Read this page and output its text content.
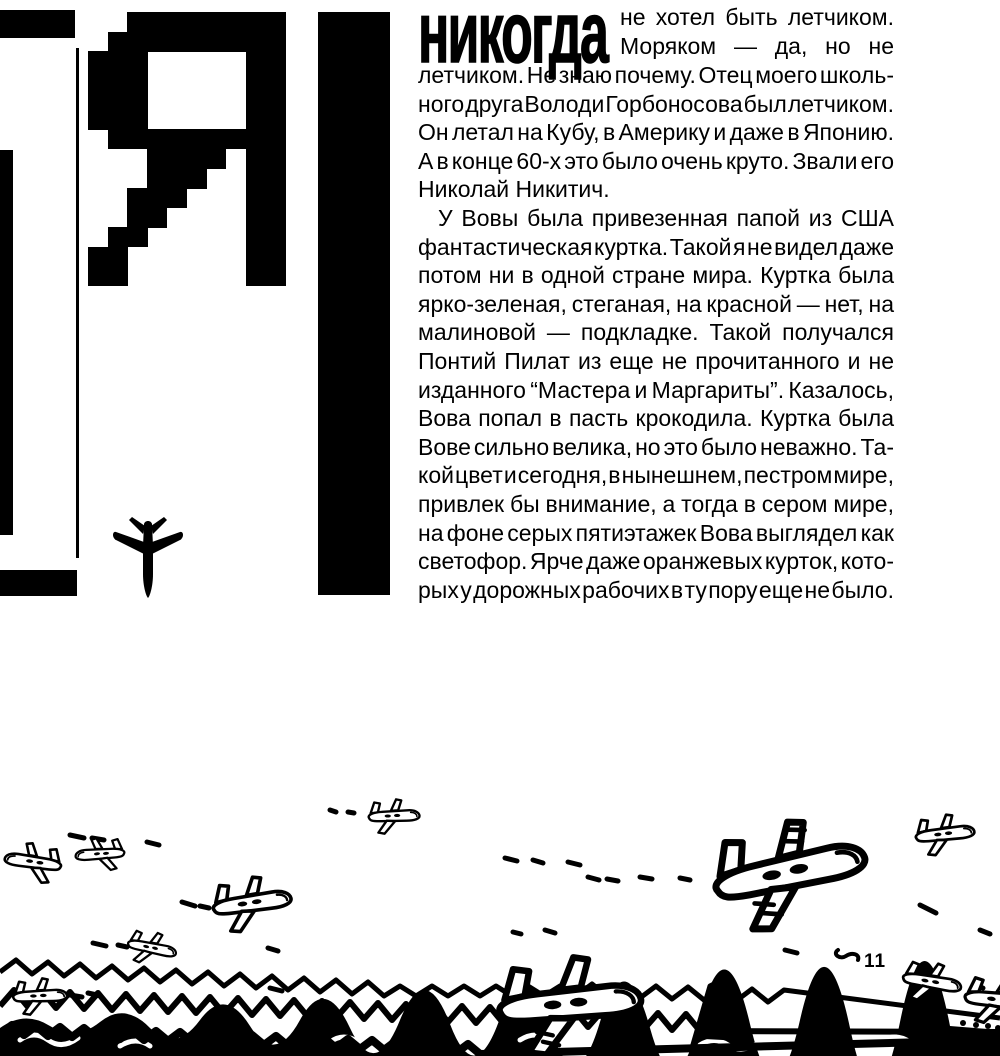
никогда не хотел быть летчиком.
Моряком — да, но не
летчиком. Не знаю почему. Отец моего школь-
ного друга Володи Горбоносова был летчиком.
Он летал на Кубу, в Америку и даже в Японию.
А в конце 60-х это было очень круто. Звали его
Николай Никитич.
У Вовы была привезенная папой из США
фантастическая куртка. Такой я не видел даже
потом ни в одной стране мира. Куртка была
ярко-зеленая, стеганая, на красной — нет, на
малиновой — подкладке. Такой получался
Понтий Пилат из еще не прочитанного и не
изданного “Мастера и Маргариты”. Казалось,
Вова попал в пасть крокодила. Куртка была
Вове сильно велика, но это было неважно. Та-
кой цвет и сегодня, в нынешнем, пестром мире,
привлек бы внимание, а тогда в сером мире,
на фоне серых пятиэтажек Вова выглядел как
светофор. Ярче даже оранжевых курток, кото-
рых у дорожных рабочих в ту пору еще не было.
11
